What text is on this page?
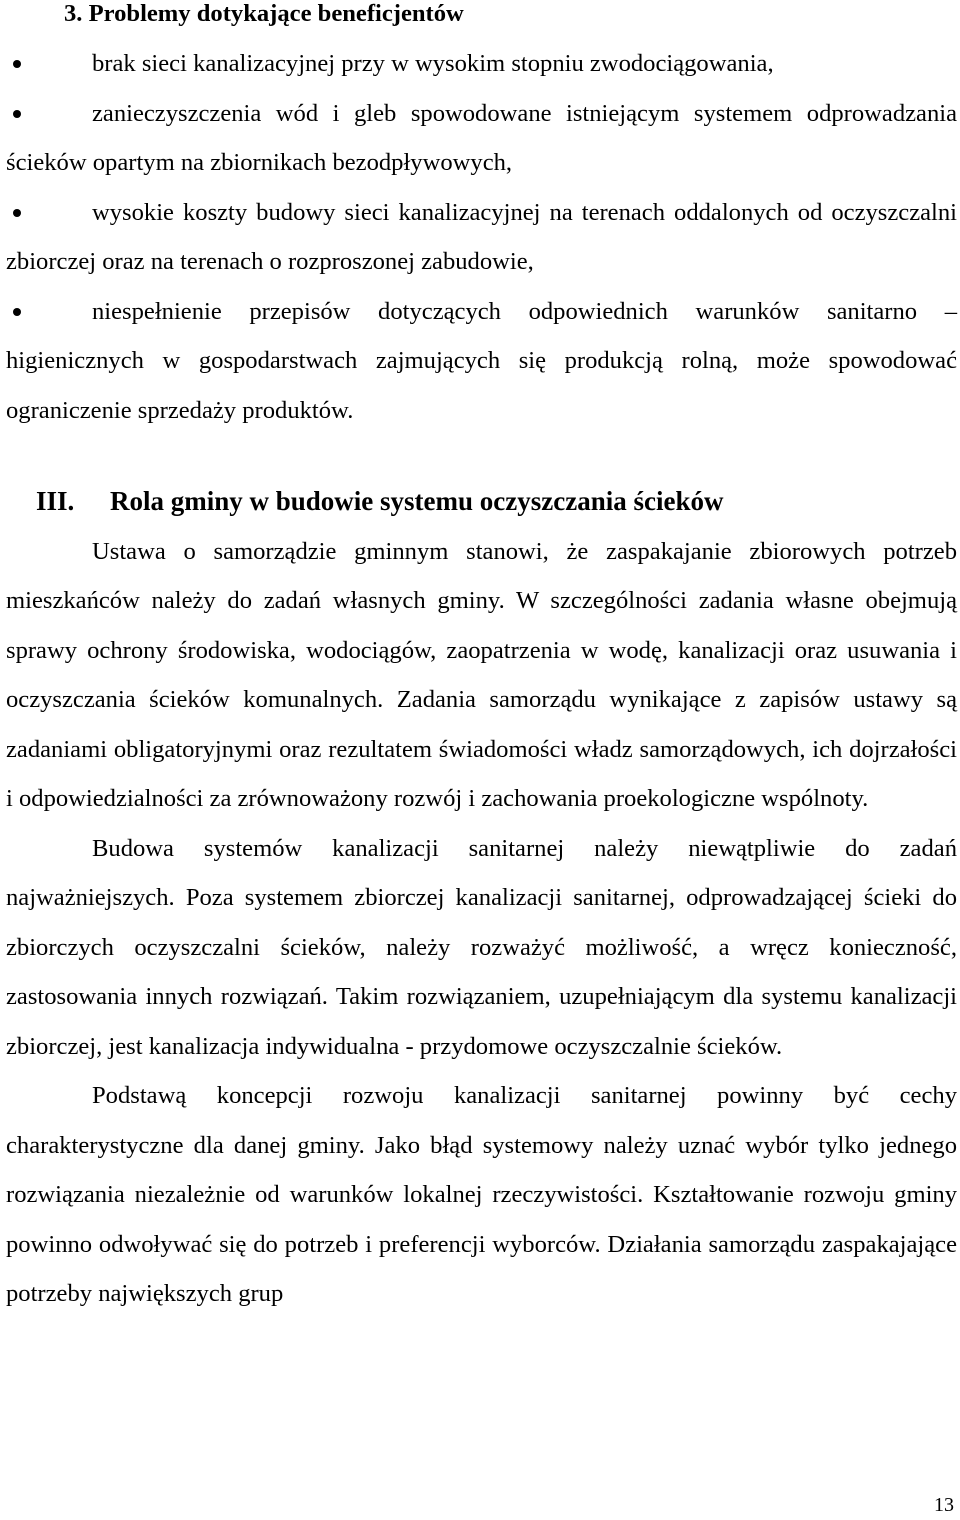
3. Problemy dotykające beneficjentów
brak sieci kanalizacyjnej przy w wysokim stopniu zwodociągowania,
zanieczyszczenia wód i gleb spowodowane istniejącym systemem odprowadzania ścieków opartym na zbiornikach bezodpływowych,
wysokie koszty budowy sieci kanalizacyjnej na terenach oddalonych od oczyszczalni zbiorczej oraz na terenach o rozproszonej zabudowie,
niespełnienie przepisów dotyczących odpowiednich warunków sanitarno – higienicznych w gospodarstwach zajmujących się produkcją rolną, może spowodować ograniczenie sprzedaży produktów.
III. Rola gminy w budowie systemu oczyszczania ścieków

Ustawa o samorządzie gminnym stanowi, że zaspakajanie zbiorowych potrzeb mieszkańców należy do zadań własnych gminy. W szczególności zadania własne obejmują sprawy ochrony środowiska, wodociągów, zaopatrzenia w wodę, kanalizacji oraz usuwania i oczyszczania ścieków komunalnych. Zadania samorządu wynikające z zapisów ustawy są zadaniami obligatoryjnymi oraz rezultatem świadomości władz samorządowych, ich dojrzałości i odpowiedzialności za zrównoważony rozwój i zachowania proekologiczne wspólnoty.

Budowa systemów kanalizacji sanitarnej należy niewątpliwie do zadań najważniejszych. Poza systemem zbiorczej kanalizacji sanitarnej, odprowadzającej ścieki do zbiorczych oczyszczalni ścieków, należy rozważyć możliwość, a wręcz konieczność, zastosowania innych rozwiązań. Takim rozwiązaniem, uzupełniającym dla systemu kanalizacji zbiorczej, jest kanalizacja indywidualna - przydomowe oczyszczalnie ścieków.

Podstawą koncepcji rozwoju kanalizacji sanitarnej powinny być cechy charakterystyczne dla danej gminy. Jako błąd systemowy należy uznać wybór tylko jednego rozwiązania niezależnie od warunków lokalnej rzeczywistości. Kształtowanie rozwoju gminy powinno odwoływać się do potrzeb i preferencji wyborców. Działania samorządu zaspakajające potrzeby największych grup

13
